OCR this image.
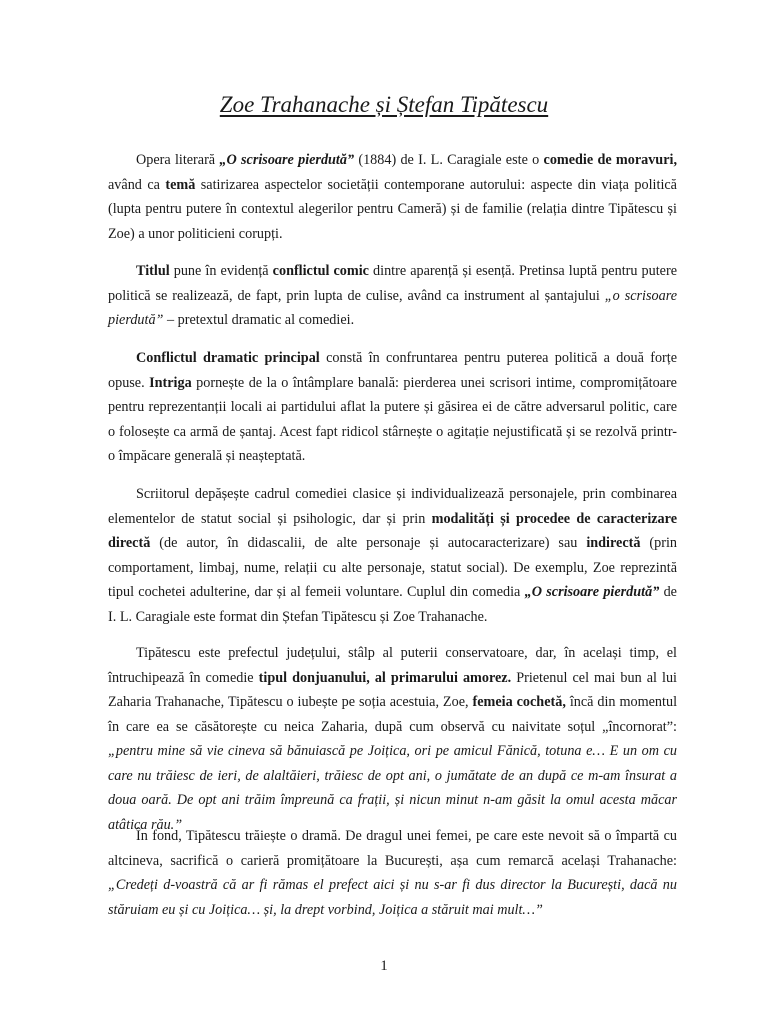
Zoe Trahanache și Ștefan Tipătescu

Opera literară „O scrisoare pierdută” (1884) de I. L. Caragiale este o comedie de moravuri, având ca temă satirizarea aspectelor societății contemporane autorului: aspecte din viața politică (lupta pentru putere în contextul alegerilor pentru Cameră) și de familie (relația dintre Tipătescu și Zoe) a unor politicieni corupți.

Titlul pune în evidență conflictul comic dintre aparență și esență. Pretinsa luptă pentru putere politică se realizează, de fapt, prin lupta de culise, având ca instrument al șantajului „o scrisoare pierdută” – pretextul dramatic al comediei.

Conflictul dramatic principal constă în confruntarea pentru puterea politică a două forțe opuse. Intriga pornește de la o întâmplare banală: pierderea unei scrisori intime, compromițătoare pentru reprezentanții locali ai partidului aflat la putere și găsirea ei de către adversarul politic, care o folosește ca armă de șantaj. Acest fapt ridicol stârnește o agitație nejustificată și se rezolvă printr-o împăcare generală și neașteptată.

Scriitorul depășește cadrul comediei clasice și individualizează personajele, prin combinarea elementelor de statut social și psihologic, dar și prin modalități și procedee de caracterizare directă (de autor, în didascalii, de alte personaje și autocaracterizare) sau indirectă (prin comportament, limbaj, nume, relații cu alte personaje, statut social). De exemplu, Zoe reprezintă tipul cochetei adulterine, dar și al femeii voluntare. Cuplul din comedia „O scrisoare pierdută” de I. L. Caragiale este format din Ștefan Tipătescu și Zoe Trahanache.

Tipătescu este prefectul județului, stâlp al puterii conservatoare, dar, în același timp, el întruchipează în comedie tipul donjuanului, al primarului amorez. Prietenul cel mai bun al lui Zaharia Trahanache, Tipătescu o iubește pe soția acestuia, Zoe, femeia cochetă, încă din momentul în care ea se căsătorește cu neica Zaharia, după cum observă cu naivitate soțul „încornorat”: „pentru mine să vie cineva să bănuiască pe Joițica, ori pe amicul Fănică, totuna e… E un om cu care nu trăiesc de ieri, de alaltăieri, trăiesc de opt ani, o jumătate de an după ce m-am însurat a doua oară. De opt ani trăim împreună ca frații, și nicun minut n-am găsit la omul acesta măcar atâtica rău.”

În fond, Tipătescu trăiește o dramă. De dragul unei femei, pe care este nevoit să o împartă cu altcineva, sacrifică o carieră promițătoare la București, așa cum remarcă același Trahanache: „Credeți d-voastră că ar fi rămas el prefect aici și nu s-ar fi dus director la București, dacă nu stăruiam eu și cu Joițica… și, la drept vorbind, Joițica a stăruit mai mult…”

1
